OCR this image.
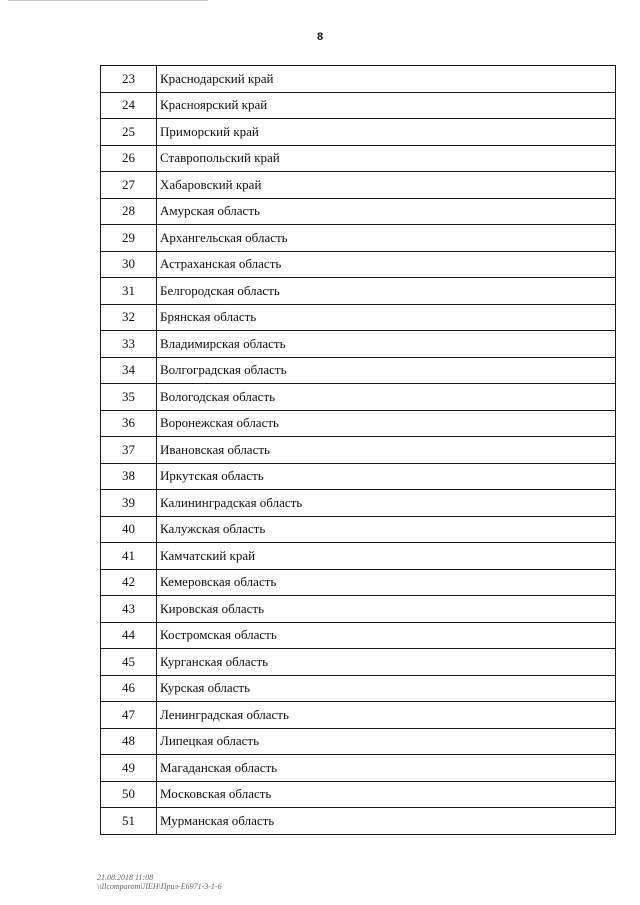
8
23	Краснодарский край
24	Красноярский край
25	Приморский край
26	Ставропольский край
27	Хабаровский край
28	Амурская область
29	Архангельская область
30	Астраханская область
31	Белгородская область
32	Брянская область
33	Владимирская область
34	Волгоградская область
35	Вологодская область
36	Воронежская область
37	Ивановская область
38	Иркутская область
39	Калининградская область
40	Калужская область
41	Камчатский край
42	Кемеровская область
43	Кировская область
44	Костромская область
45	Курганская область
46	Курская область
47	Ленинградская область
48	Липецкая область
49	Магаданская область
50	Московская область
51	Мурманская область
21.08.2018 11:08
\\Ilcomparom\ЛЕН\Прил-Е6971-3-1-6
